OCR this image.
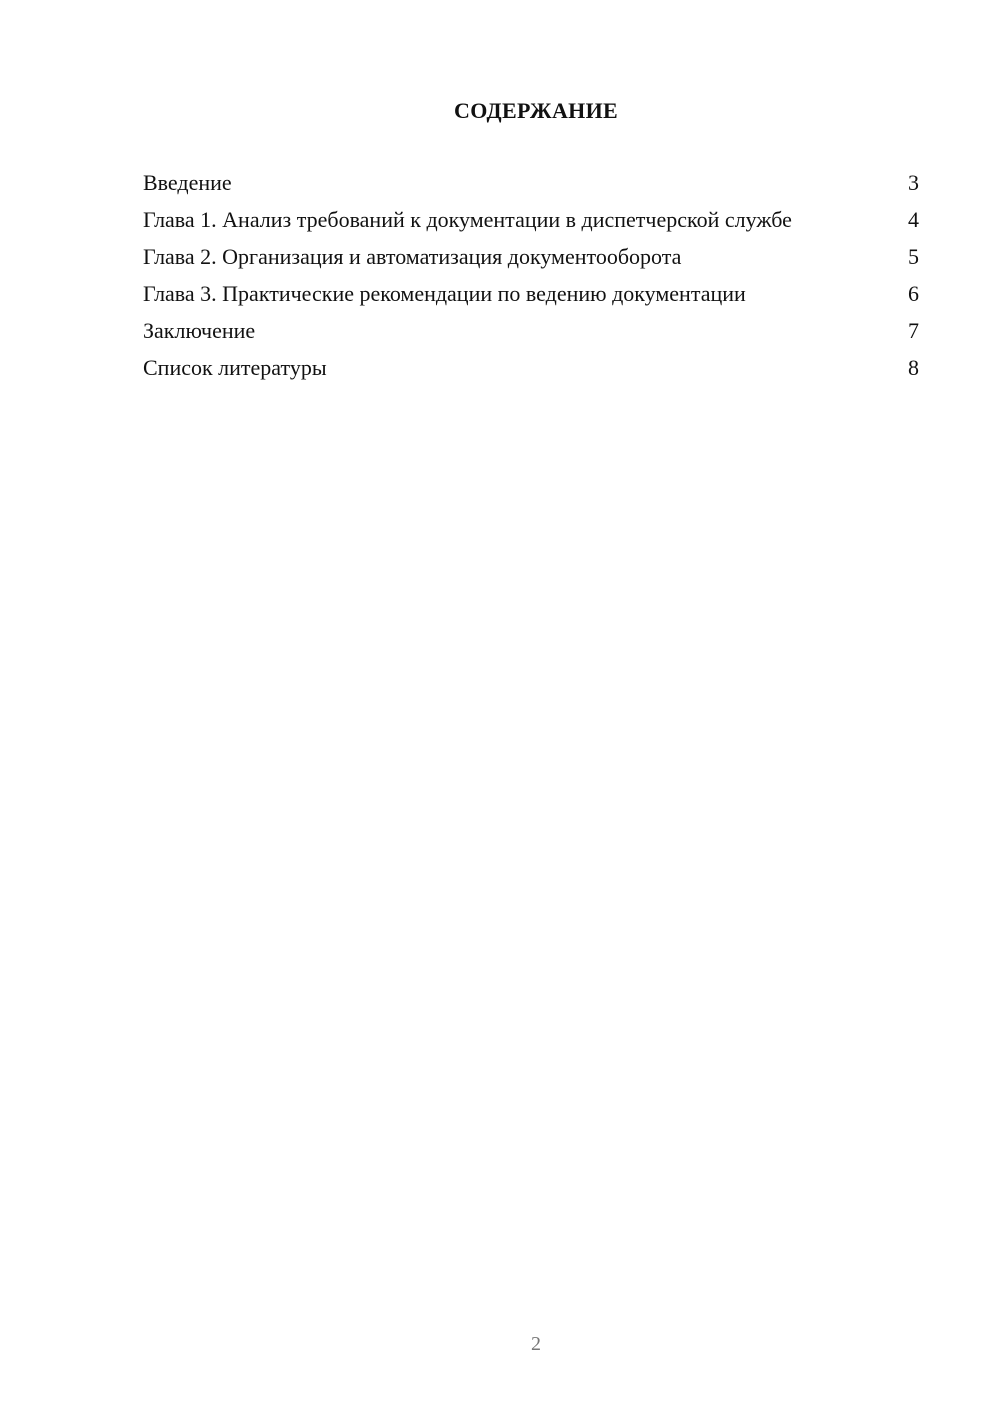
СОДЕРЖАНИЕ
Введение	3
Глава 1. Анализ требований к документации в диспетчерской службе	4
Глава 2. Организация и автоматизация документооборота	5
Глава 3. Практические рекомендации по ведению документации	6
Заключение	7
Список литературы	8
2
